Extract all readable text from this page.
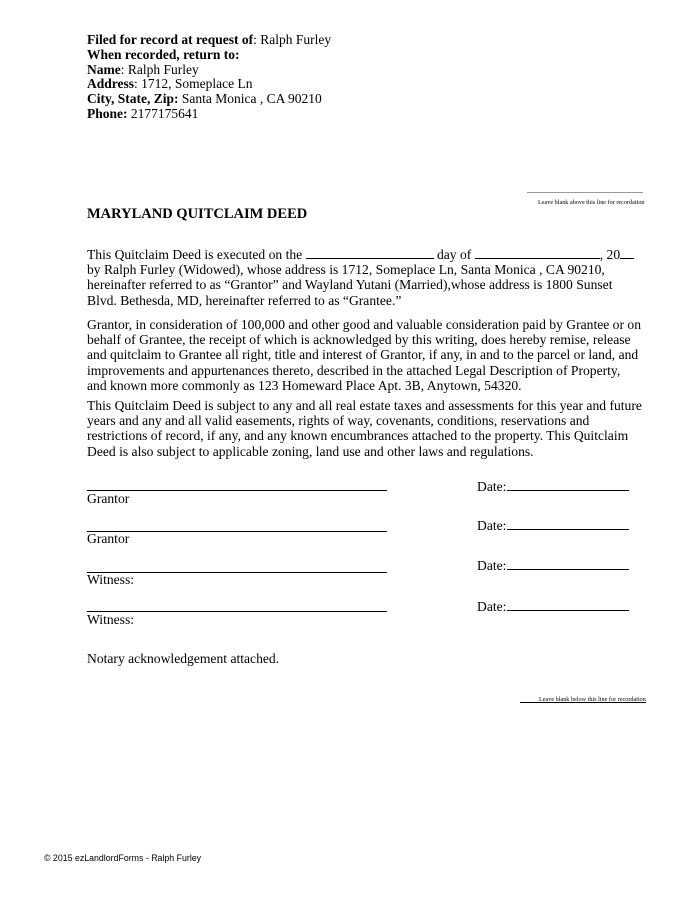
Filed for record at request of: Ralph Furley
When recorded, return to:
Name: Ralph Furley
Address: 1712, Someplace Ln
City, State, Zip: Santa Monica , CA 90210
Phone: 2177175641
Leave blank above this line for recordation
MARYLAND QUITCLAIM DEED
This Quitclaim Deed is executed on the	day of	, 20 by Ralph Furley (Widowed), whose address is 1712, Someplace Ln, Santa Monica , CA 90210, hereinafter referred to as “Grantor” and Wayland Yutani (Married),whose address is 1800 Sunset Blvd. Bethesda, MD, hereinafter referred to as “Grantee.”
Grantor, in consideration of 100,000 and other good and valuable consideration paid by Grantee or on behalf of Grantee, the receipt of which is acknowledged by this writing, does hereby remise, release and quitclaim to Grantee all right, title and interest of Grantor, if any, in and to the parcel or land, and improvements and appurtenances thereto, described in the attached Legal Description of Property, and known more commonly as 123 Homeward Place Apt. 3B, Anytown, 54320.
This Quitclaim Deed is subject to any and all real estate taxes and assessments for this year and future years and any and all valid easements, rights of way, covenants, conditions, reservations and restrictions of record, if any, and any known encumbrances attached to the property. This Quitclaim Deed is also subject to applicable zoning, land use and other laws and regulations.
Grantor
Date:
Grantor
Date:
Witness:
Date:
Witness:
Date:
Notary acknowledgement attached.
Leave blank below this line for recordation
© 2015 ezLandlordForms - Ralph Furley
